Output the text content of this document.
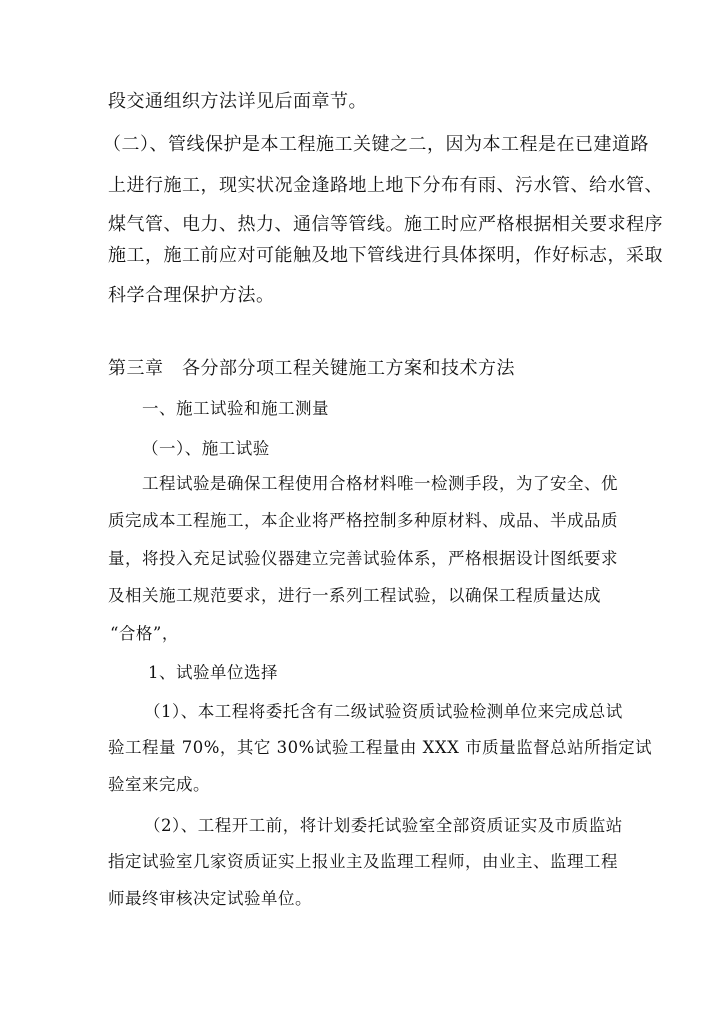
段交通组织方法详见后面章节。
（二）、管线保护是本工程施工关键之二，因为本工程是在已建道路
上进行施工，现实状况金逢路地上地下分布有雨、污水管、给水管、
煤气管、电力、热力、通信等管线。施工时应严格根据相关要求程序
施工，施工前应对可能触及地下管线进行具体探明，作好标志，采取
科学合理保护方法。
第三章　各分部分项工程关键施工方案和技术方法
一、施工试验和施工测量
（一）、施工试验
工程试验是确保工程使用合格材料唯一检测手段，为了安全、优
质完成本工程施工，本企业将严格控制多种原材料、成品、半成品质
量，将投入充足试验仪器建立完善试验体系，严格根据设计图纸要求
及相关施工规范要求，进行一系列工程试验，以确保工程质量达成
“合格”，
1、试验单位选择
（1）、本工程将委托含有二级试验资质试验检测单位来完成总试
验工程量 70%，其它 30%试验工程量由 XXX 市质量监督总站所指定试
验室来完成。
（2）、工程开工前，将计划委托试验室全部资质证实及市质监站
指定试验室几家资质证实上报业主及监理工程师，由业主、监理工程
师最终审核决定试验单位。
